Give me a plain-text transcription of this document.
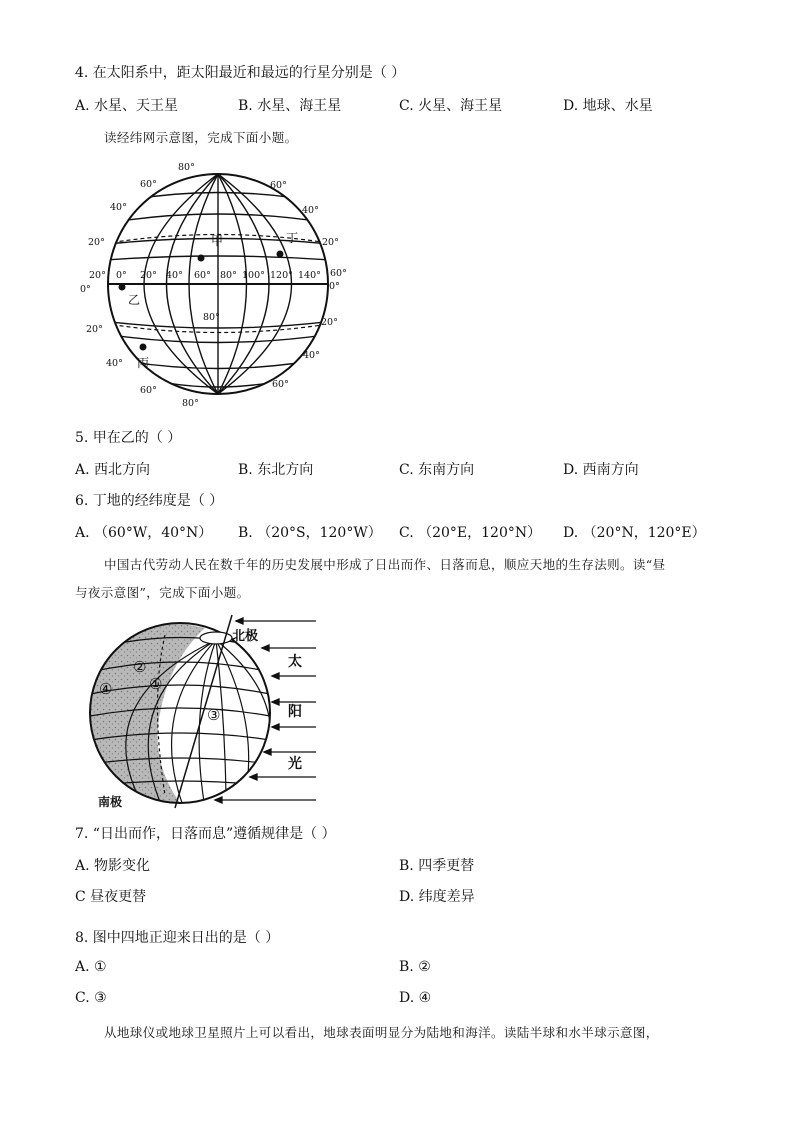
4. 在太阳系中，距太阳最近和最远的行星分别是（ ）
A. 水星、天王星	B. 水星、海王星	C. 火星、海王星	D. 地球、水星
读经纬网示意图，完成下面小题。
80°
60°	60°
40°	40°
20°	20°
20°	60°
0°	0°
20°
20°
40°
40°
60°
60°
80°
0° 20° 40° 60° 80° 100° 120° 140°
80°
甲	丁
乙
丙
5. 甲在乙的（ ）
A. 西北方向	B. 东北方向	C. 东南方向	D. 西南方向
6. 丁地的经纬度是（ ）
A. （60°W，40°N） B. （20°S，120°W） C. （20°E，120°N） D. （20°N，120°E）
中国古代劳动人民在数千年的历史发展中形成了日出而作、日落而息，顺应天地的生存法则。读“昼
与夜示意图”，完成下面小题。
北极
南极
太
阳
光
①
②
③
④
7. “日出而作，日落而息”遵循规律是（ ）
A. 物影变化	B. 四季更替
C 昼夜更替	D. 纬度差异
8. 图中四地正迎来日出的是（ ）
A. ①	B. ②
C. ③	D. ④
从地球仪或地球卫星照片上可以看出，地球表面明显分为陆地和海洋。读陆半球和水半球示意图，
